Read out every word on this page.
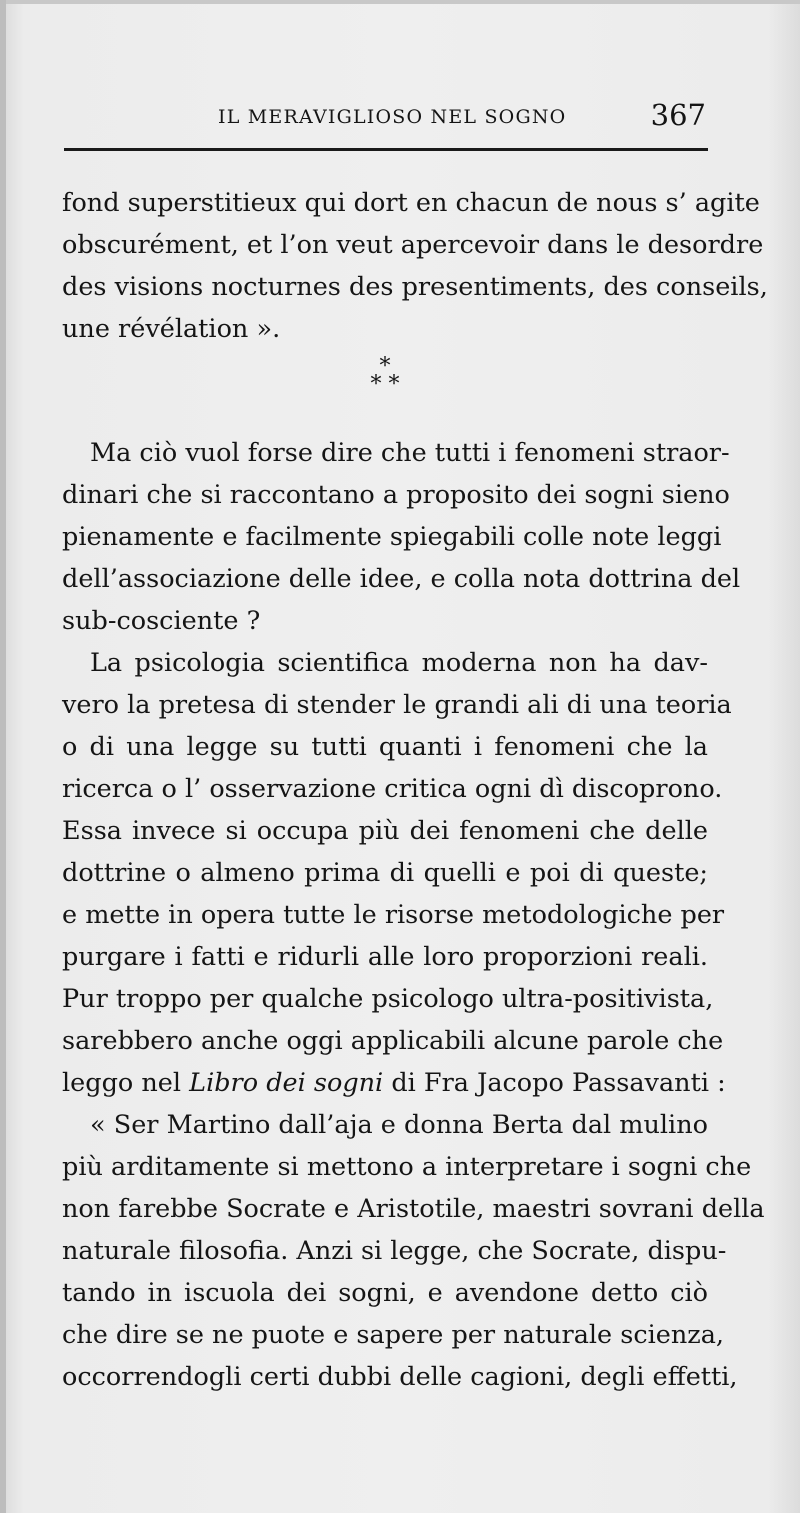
IL MERAVIGLIOSO NEL SOGNO	367
fond superstitieux qui dort en chacun de nous s’ agite
obscurément, et l’on veut apercevoir dans le desordre
des visions nocturnes des presentiments, des conseils,
une révélation ».
*
* *
Ma ciò vuol forse dire che tutti i fenomeni straor-
dinari che si raccontano a proposito dei sogni sieno
pienamente e facilmente spiegabili colle note leggi
dell’associazione delle idee, e colla nota dottrina del
sub-cosciente ?
La psicologia scientifica moderna non ha dav-
vero la pretesa di stender le grandi ali di una teoria
o di una legge su tutti quanti i fenomeni che la
ricerca o l’ osservazione critica ogni dì discoprono.
Essa invece si occupa più dei fenomeni che delle
dottrine o almeno prima di quelli e poi di queste;
e mette in opera tutte le risorse metodologiche per
purgare i fatti e ridurli alle loro proporzioni reali.
Pur troppo per qualche psicologo ultra-positivista,
sarebbero anche oggi applicabili alcune parole che
leggo nel Libro dei sogni di Fra Jacopo Passavanti :
« Ser Martino dall’aja e donna Berta dal mulino
più arditamente si mettono a interpretare i sogni che
non farebbe Socrate e Aristotile, maestri sovrani della
naturale filosofia. Anzi si legge, che Socrate, dispu-
tando in iscuola dei sogni, e avendone detto ciò
che dire se ne puote e sapere per naturale scienza,
occorrendogli certi dubbi delle cagioni, degli effetti,
